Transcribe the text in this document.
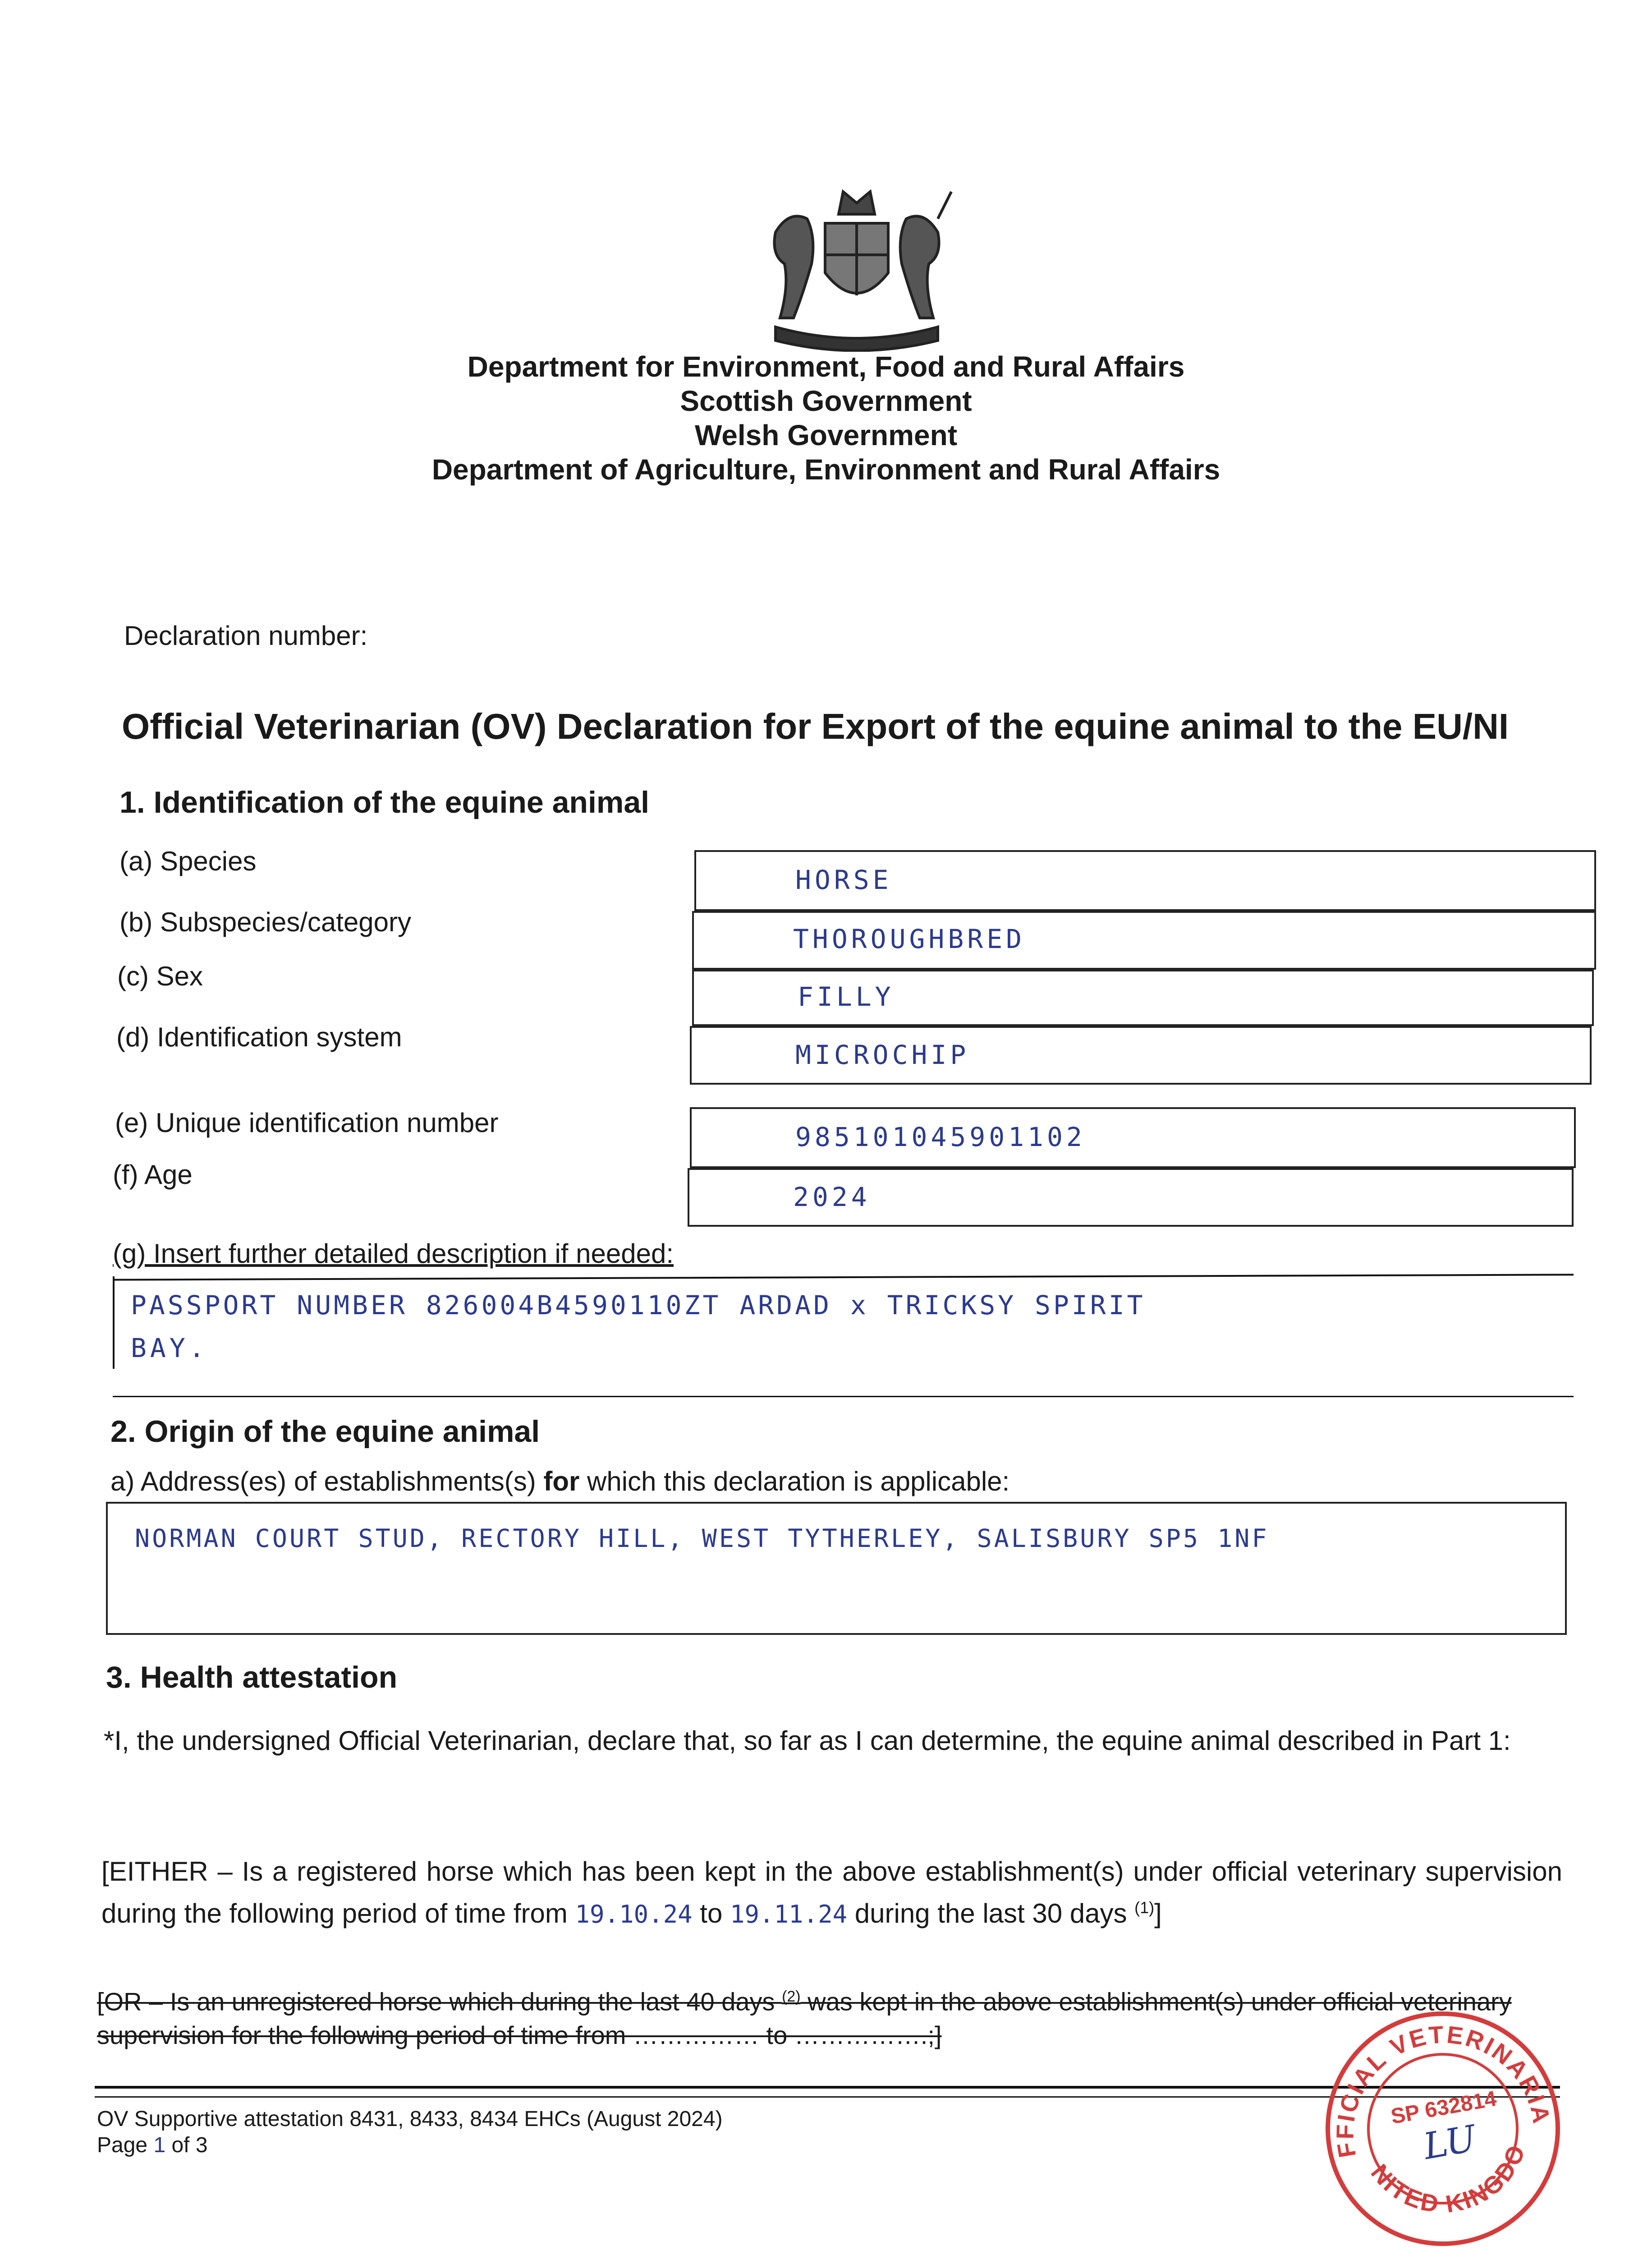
Department for Environment, Food and Rural Affairs
Scottish Government
Welsh Government
Department of Agriculture, Environment and Rural Affairs
Declaration number:
Official Veterinarian (OV) Declaration for Export of the equine animal to the EU/NI
1. Identification of the equine animal
(a) Species
HORSE
(b) Subspecies/category
THOROUGHBRED
(c) Sex
FILLY
(d) Identification system
MICROCHIP
(e) Unique identification number	985101045901102
(f) Age
2024
(g) Insert further detailed description if needed:
PASSPORT NUMBER 826004B4590110ZT ARDAD x TRICKSY SPIRIT
BAY.
2. Origin of the equine animal
a) Address(es) of establishments(s) for which this declaration is applicable:
NORMAN COURT STUD, RECTORY HILL, WEST TYTHERLEY, SALISBURY SP5 1NF
3. Health attestation
*I, the undersigned Official Veterinarian, declare that, so far as I can determine, the equine animal described in Part 1:
[EITHER – Is a registered horse which has been kept in the above establishment(s) under official veterinary supervision during the following period of time from 19.10.24 to 19.11.24 during the last 30 days $^{(1)}$]
[OR – Is an unregistered horse which during the last 40 days $^{(2)}$ was kept in the above establishment(s) under official veterinary supervision for the following period of time from …………… to …………….;]
OV Supportive attestation 8431, 8433, 8434 EHCs (August 2024)
Page 1 of 3
OFFICIAL VETERINARIAN
UNITED KINGDOM
SP 632814
LU
